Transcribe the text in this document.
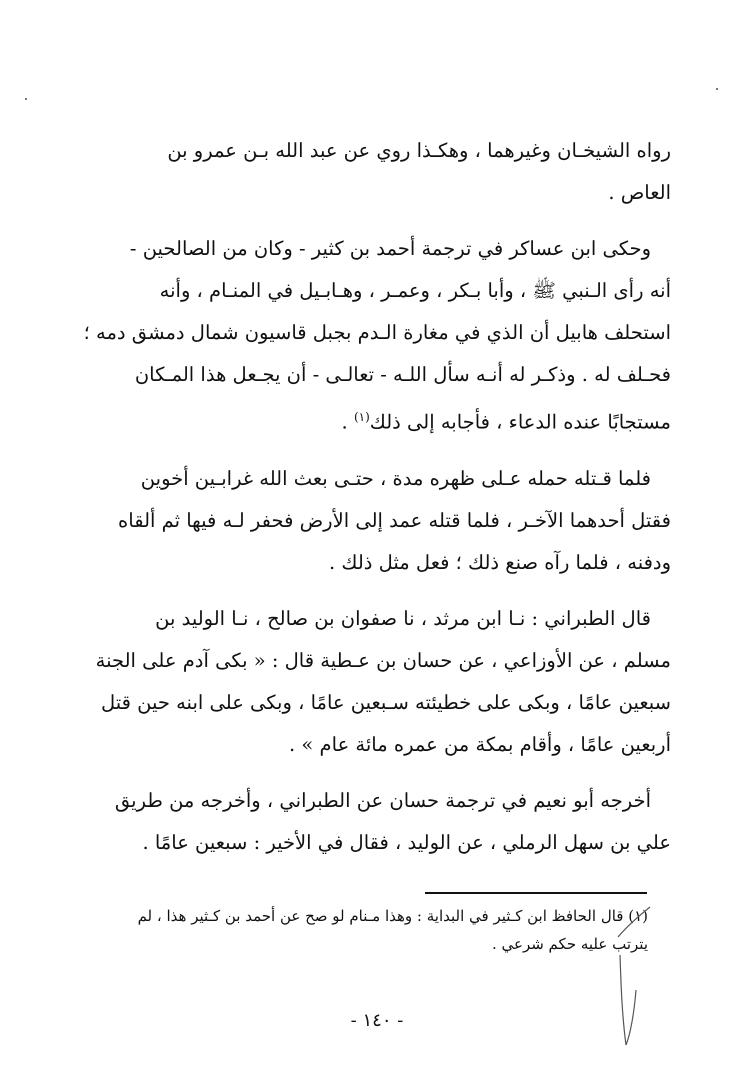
رواه الشيخـان وغيرهما ، وهكـذا روي عن عبد الله بـن عمرو بن
العاص .
وحكى ابن عساكر في ترجمة أحمد بن كثير - وكان من الصالحين -
أنه رأى الـنبي ﷺ ، وأبا بـكر ، وعمـر ، وهـابـيل في المنـام ، وأنه
استحلف هابيل أن الذي في مغارة الـدم بجبل قاسيون شمال دمشق دمه ؛
فحـلف له . وذكـر له أنـه سأل اللـه - تعالـى - أن يجـعل هذا المـكان
مستجابًا عنده الدعاء ، فأجابه إلى ذلك$^{(١)}$ .
فلما قـتله حمله عـلى ظهره مدة ، حتـى بعث الله غرابـين أخوين
فقتل أحدهما الآخـر ، فلما قتله عمد إلى الأرض فحفر لـه فيها ثم ألقاه
ودفنه ، فلما رآه صنع ذلك ؛ فعل مثل ذلك .
قال الطبراني : نـا ابن مرثد ، نا صفوان بن صالح ، نـا الوليد بن
مسلم ، عن الأوزاعي ، عن حسان بن عـطية قال : « بكى آدم على الجنة
سبعين عامًا ، وبكى على خطيئته سـبعين عامًا ، وبكى على ابنه حين قتل
أربعين عامًا ، وأقام بمكة من عمره مائة عام » .
أخرجه أبو نعيم في ترجمة حسان عن الطبراني ، وأخرجه من طريق
علي بن سهل الرملي ، عن الوليد ، فقال في الأخير : سبعين عامًا .
(١) قال الحافظ ابن كـثير في البداية : وهذا مـنام لو صح عن أحمد بن كـثير هذا ، لم
يترتب عليه حكم شرعي .
- ١٤٠ -
